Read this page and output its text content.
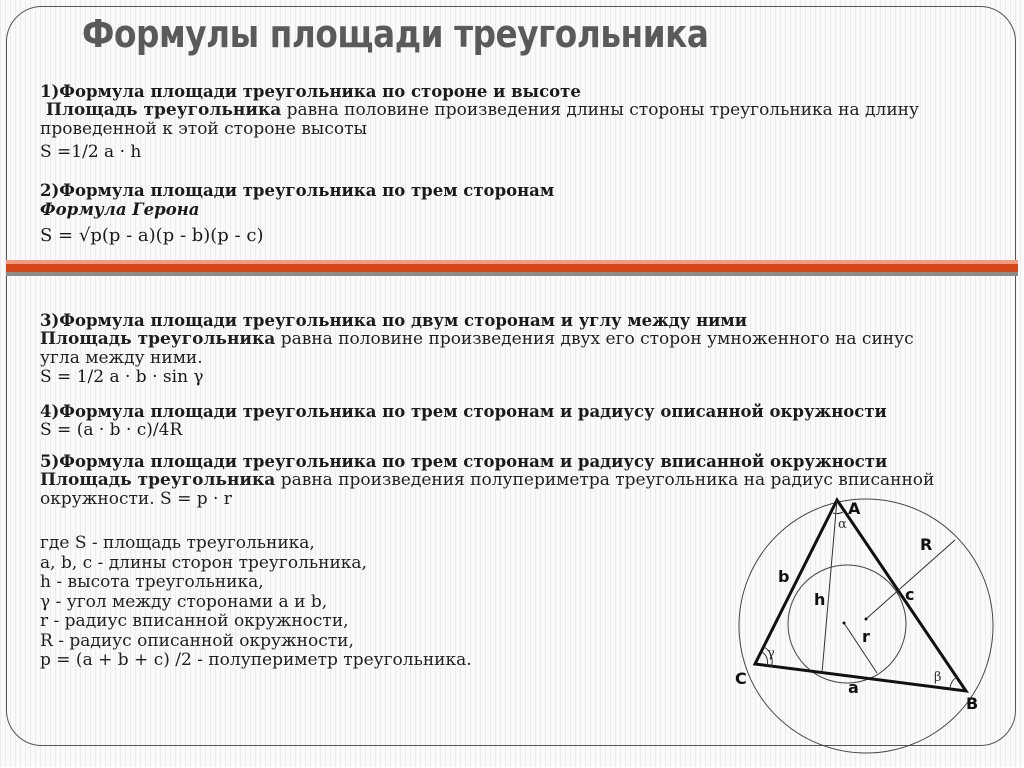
Формулы площади треугольника
1)Формула площади треугольника по стороне и высоте
Площадь треугольника равна половине произведения длины стороны треугольника на длину
проведенной к этой стороне высоты
S =1/2 a · h
2)Формула площади треугольника по трем сторонам
Формула Герона
S = √p(p - a)(p - b)(p - c)
3)Формула площади треугольника по двум сторонам и углу между ними
Площадь треугольника равна половине произведения двух его сторон умноженного на синус
угла между ними.
S = 1/2 a · b · sin γ
4)Формула площади треугольника по трем сторонам и радиусу описанной окружности
S = (a · b · c)/4R
5)Формула площади треугольника по трем сторонам и радиусу вписанной окружности
Площадь треугольника равна произведения полупериметра треугольника на радиус вписанной
окружности. S = p · r
где S - площадь треугольника,
a, b, c - длины сторон треугольника,
h - высота треугольника,
γ - угол между сторонами a и b,
r - радиус вписанной окружности,
R - радиус описанной окружности,
p = (a + b + c) /2 - полупериметр треугольника.
A
B
C	a
b
c
h
r
R
α
β
γ
